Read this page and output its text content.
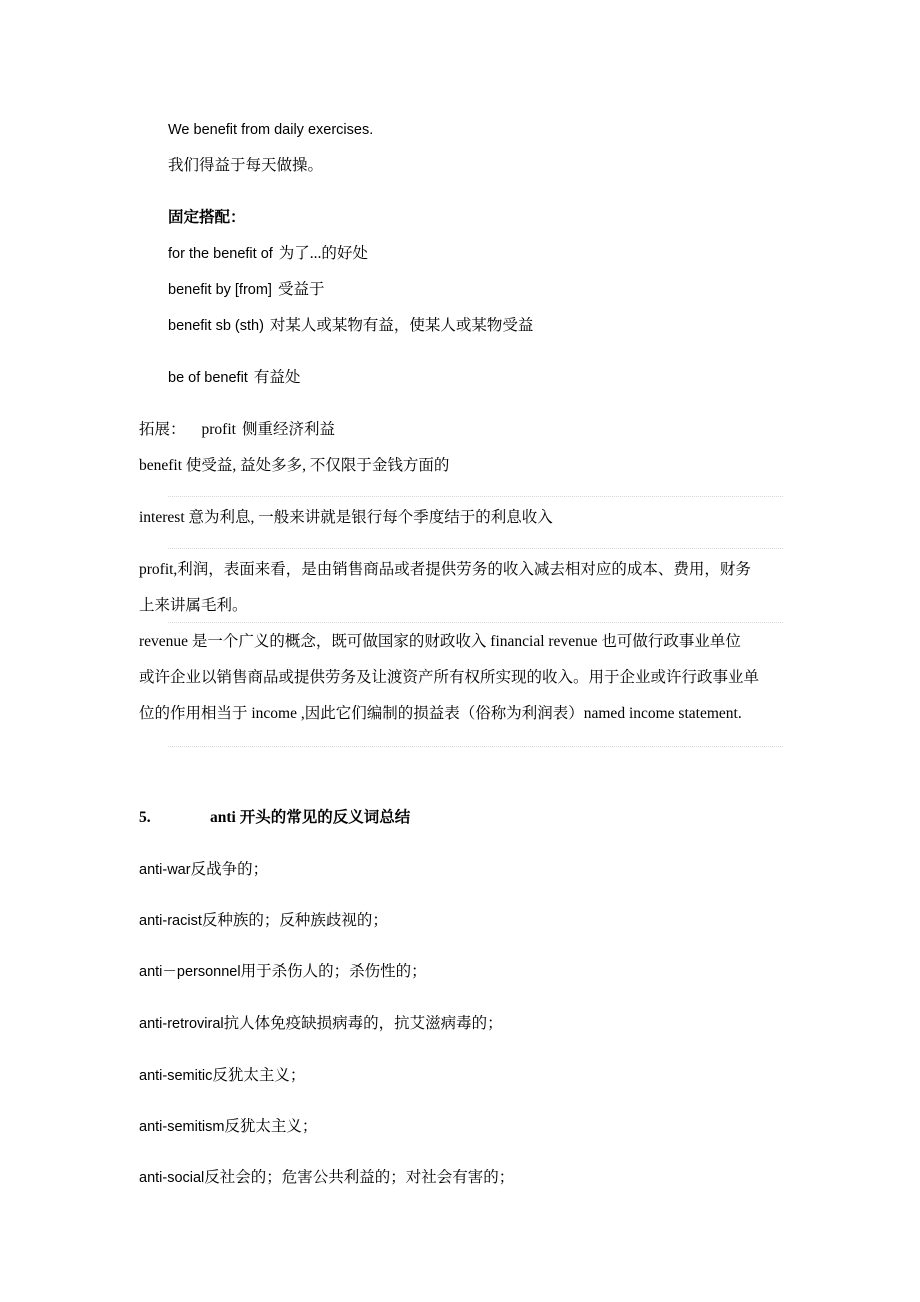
We benefit from daily exercises.
我们得益于每天做操。
固定搭配：
for the benefit of 为了...的好处
benefit by [from] 受益于
benefit sb (sth) 对某人或某物有益，使某人或某物受益
be of benefit 有益处
拓展： profit 侧重经济利益
benefit 使受益, 益处多多, 不仅限于金钱方面的
interest 意为利息, 一般来讲就是银行每个季度结于的利息收入
profit,利润，表面来看，是由销售商品或者提供劳务的收入减去相对应的成本、费用，财务
上来讲属毛利。
revenue 是一个广义的概念，既可做国家的财政收入 financial revenue 也可做行政事业单位
或许企业以销售商品或提供劳务及让渡资产所有权所实现的收入。用于企业或许行政事业单
位的作用相当于 income ,因此它们编制的损益表（俗称为利润表）named income statement.
5.	anti 开头的常见的反义词总结
anti-war反战争的；
anti-racist反种族的；反种族歧视的；
anti－personnel用于杀伤人的；杀伤性的；
anti-retroviral抗人体免疫缺损病毒的，抗艾滋病毒的；
anti-semitic反犹太主义；
anti-semitism反犹太主义；
anti-social反社会的；危害公共利益的；对社会有害的；
